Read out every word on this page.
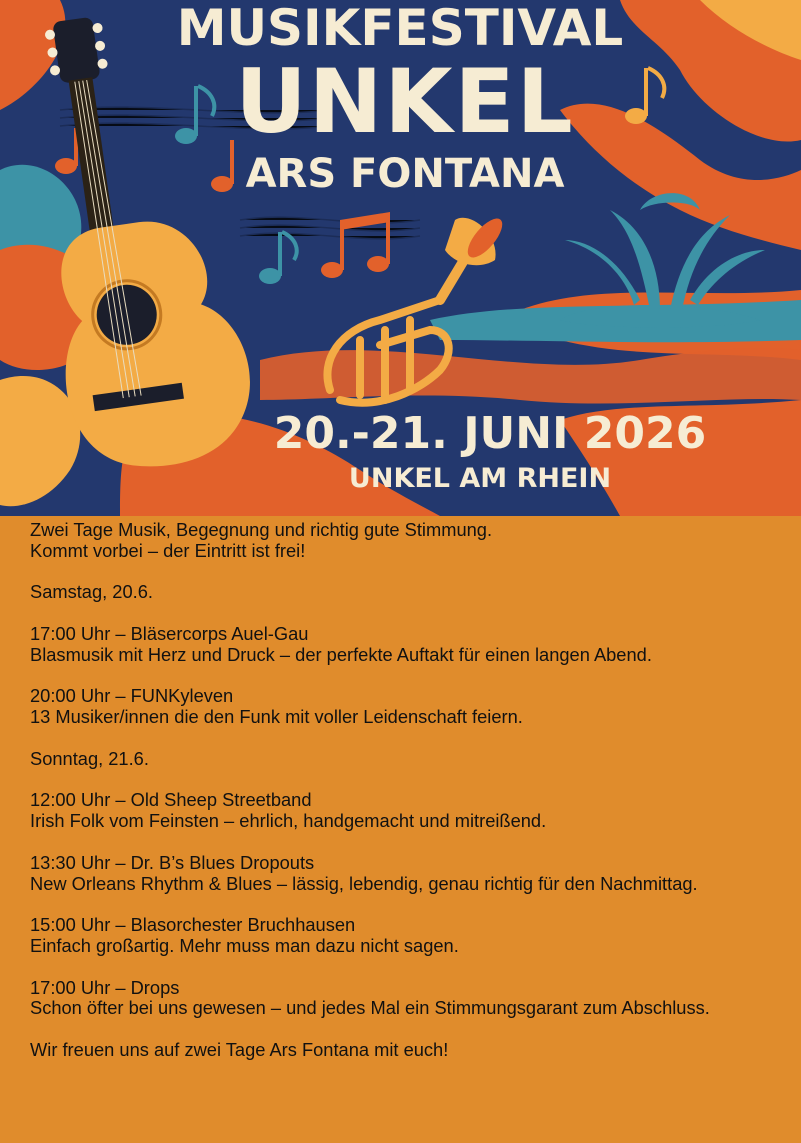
MUSIKFESTIVAL
UNKEL
ARS FONTANA
20.-21. JUNI 2026
UNKEL AM RHEIN

Zwei Tage Musik, Begegnung und richtig gute Stimmung.

Kommt vorbei – der Eintritt ist frei!

Samstag, 20.6.

17:00 Uhr – Bläsercorps Auel-Gau

Blasmusik mit Herz und Druck – der perfekte Auftakt für einen langen Abend.

20:00 Uhr – FUNKyleven

13 Musiker/innen die den Funk mit voller Leidenschaft feiern.

Sonntag, 21.6.

12:00 Uhr – Old Sheep Streetband

Irish Folk vom Feinsten – ehrlich, handgemacht und mitreißend.

13:30 Uhr – Dr. B’s Blues Dropouts

New Orleans Rhythm & Blues – lässig, lebendig, genau richtig für den Nachmittag.

15:00 Uhr – Blasorchester Bruchhausen

Einfach großartig. Mehr muss man dazu nicht sagen.

17:00 Uhr – Drops

Schon öfter bei uns gewesen – und jedes Mal ein Stimmungsgarant zum Abschluss.

Wir freuen uns auf zwei Tage Ars Fontana mit euch!
